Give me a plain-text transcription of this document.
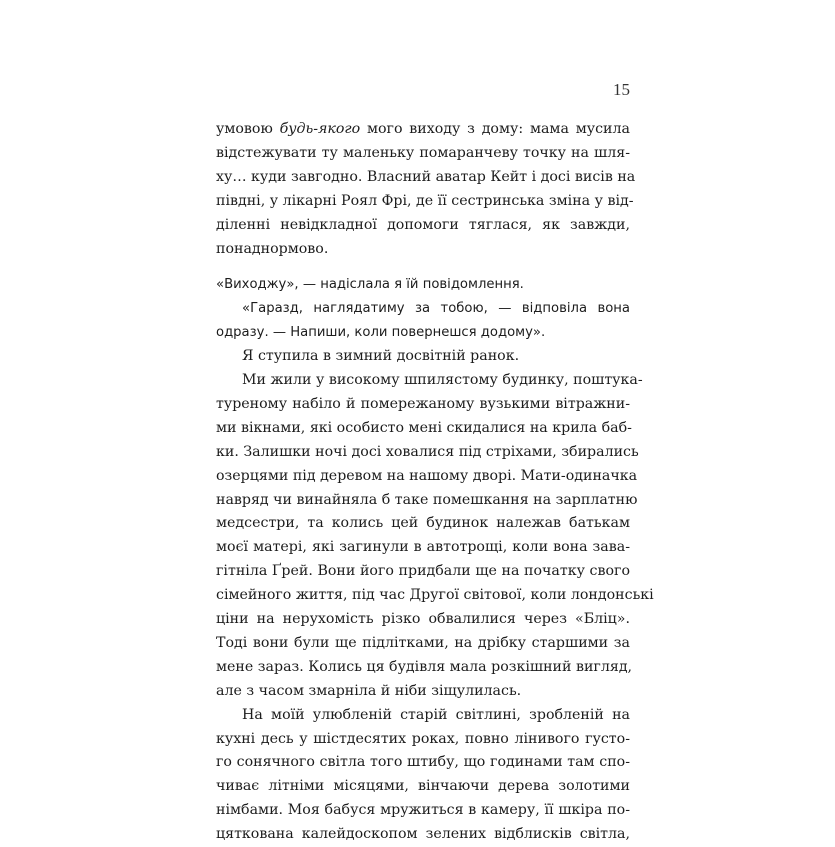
15
умовою будь-якого мого виходу з дому: мама мусила
відстежувати ту маленьку помаранчеву точку на шля-
ху… куди завгодно. Власний аватар Кейт і досі висів на
півдні, у лікарні Роял Фрі, де її сестринська зміна у від-
діленні невідкладної допомоги тяглася, як завжди,
понаднормово.
«Виходжу», — надіслала я їй повідомлення.
«Гаразд, наглядатиму за тобою, — відповіла вона
одразу. — Напиши, коли повернешся додому».
Я ступила в зимний досвітній ранок.
Ми жили у високому шпилястому будинку, поштука-
туреному набіло й помережаному вузькими вітражни-
ми вікнами, які особисто мені скидалися на крила баб-
ки. Залишки ночі досі ховалися під стріхами, збирались
озерцями під деревом на нашому дворі. Мати-одиначка
навряд чи винайняла б таке помешкання на зарплатню
медсестри, та колись цей будинок належав батькам
моєї матері, які загинули в автотрощі, коли вона зава-
гітніла Ґрей. Вони його придбали ще на початку свого
сімейного життя, під час Другої світової, коли лондонські
ціни на нерухомість різко обвалилися через «Бліц».
Тоді вони були ще підлітками, на дрібку старшими за
мене зараз. Колись ця будівля мала розкішний вигляд,
але з часом змарніла й ніби зіщулилась.
На моїй улюбленій старій світлині, зробленій на
кухні десь у шістдесятих роках, повно лінивого густо-
го сонячного світла того штибу, що годинами там спо-
чиває літніми місяцями, вінчаючи дерева золотими
німбами. Моя бабуся мружиться в камеру, її шкіра по-
цяткована калейдоскопом зелених відблисків світла,
